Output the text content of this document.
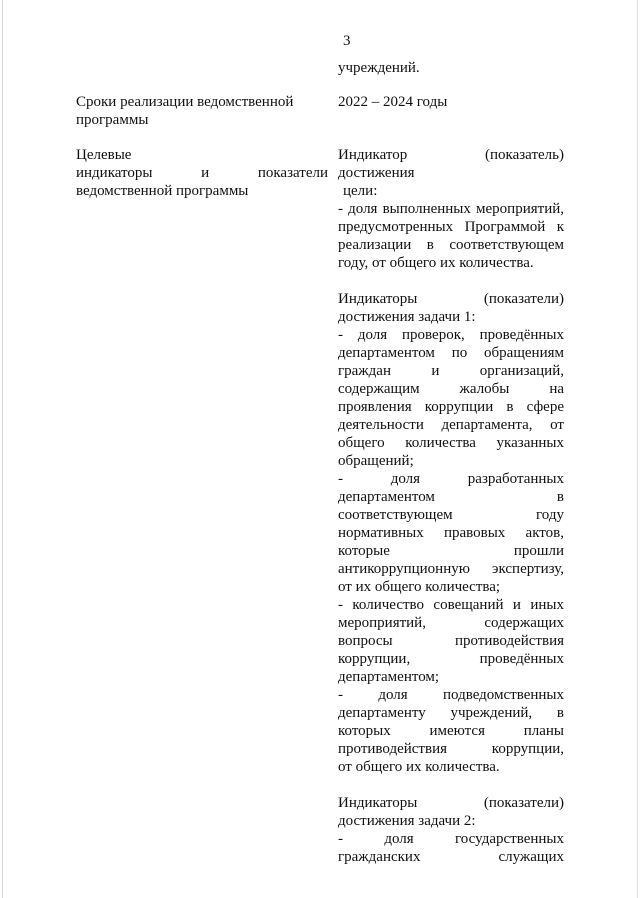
3
учреждений.
Сроки реализации ведомственной
программы
2022 – 2024 годы
Целевые
индикаторы и показатели
ведомственной программы
Индикатор (показатель)
достижения
цели:
- доля выполненных мероприятий,
предусмотренных Программой к
реализации в соответствующем
году, от общего их количества.
Индикаторы (показатели)
достижения задачи 1:
- доля проверок, проведённых
департаментом по обращениям
граждан и организаций,
содержащим жалобы на
проявления коррупции в сфере
деятельности департамента, от
общего количества указанных
обращений;
- доля разработанных
департаментом в
соответствующем году
нормативных правовых актов,
которые прошли
антикоррупционную экспертизу,
от их общего количества;
- количество совещаний и иных
мероприятий, содержащих
вопросы противодействия
коррупции, проведённых
департаментом;
- доля подведомственных
департаменту учреждений, в
которых имеются планы
противодействия коррупции,
от общего их количества.
Индикаторы (показатели)
достижения задачи 2:
- доля государственных
гражданских служащих
